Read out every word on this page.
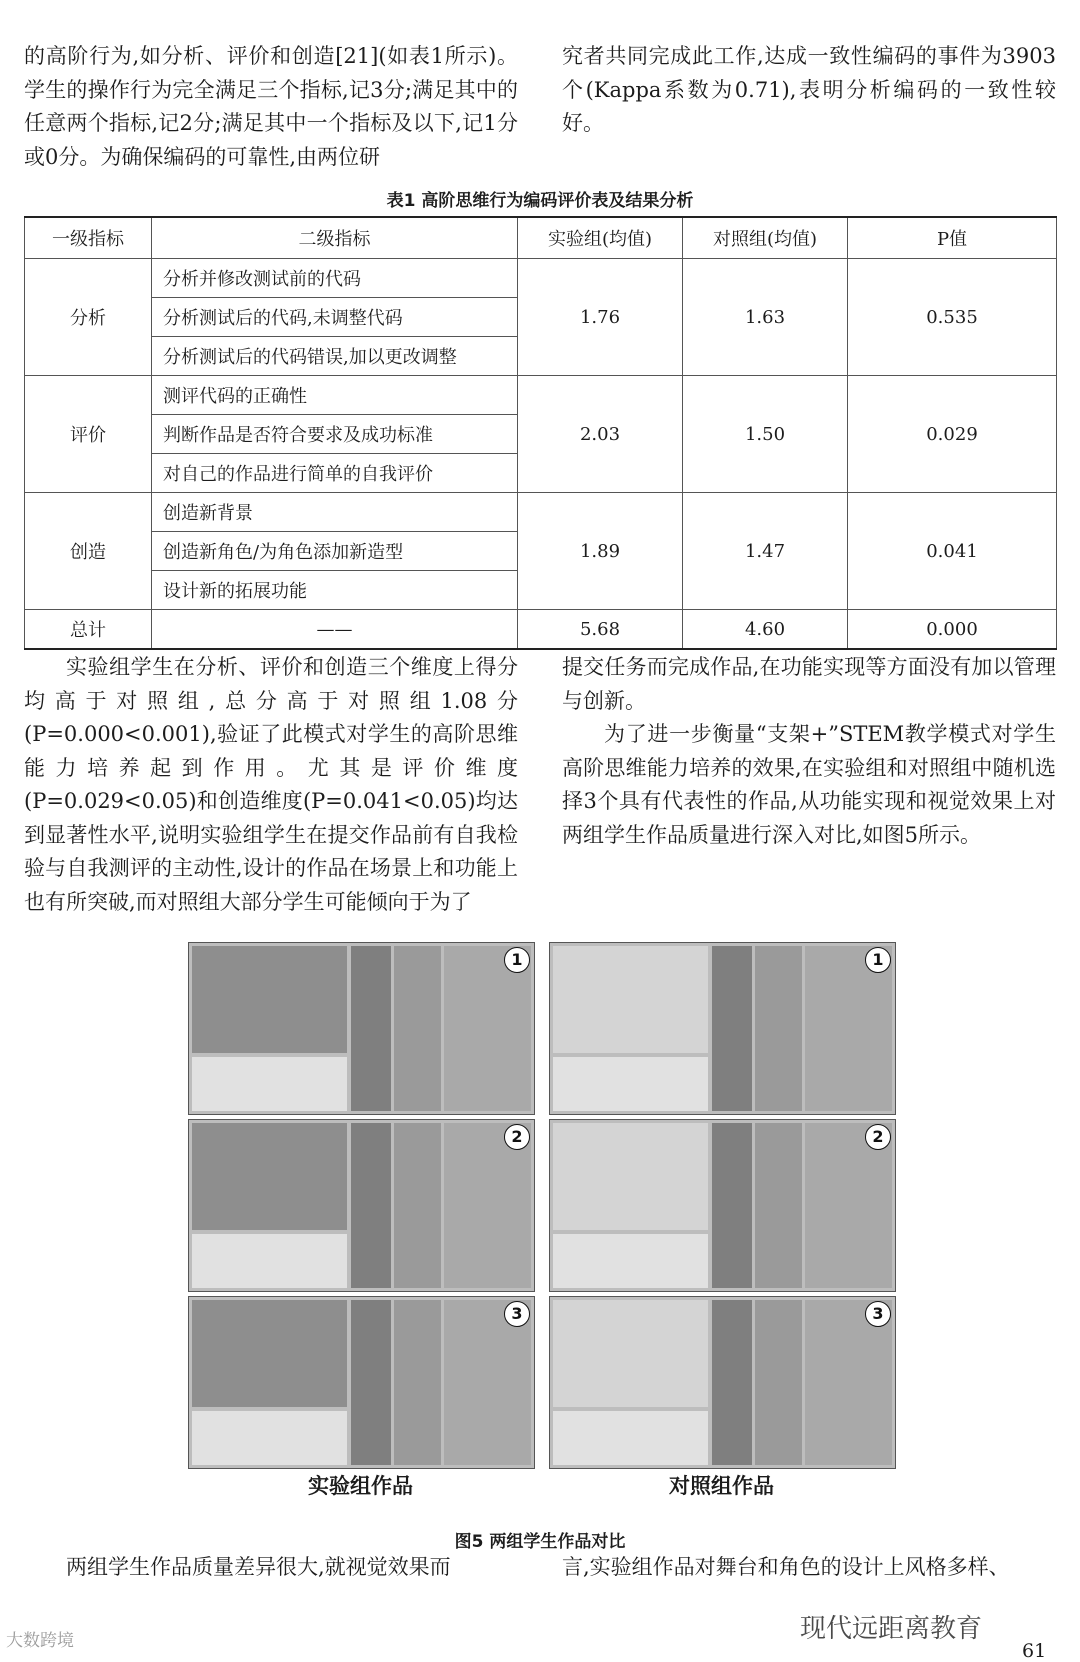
的高阶行为,如分析、评价和创造[21](如表1所示)。学生的操作行为完全满足三个指标,记3分;满足其中的任意两个指标,记2分;满足其中一个指标及以下,记1分或0分。为确保编码的可靠性,由两位研

究者共同完成此工作,达成一致性编码的事件为3903个(Kappa系数为0.71),表明分析编码的一致性较好。

表1 高阶思维行为编码评价表及结果分析
一级指标	二级指标	实验组(均值)	对照组(均值)	P值
分析	分析并修改测试前的代码	1.76	1.63	0.535
	分析测试后的代码,未调整代码			
	分析测试后的代码错误,加以更改调整			
评价	测评代码的正确性	2.03	1.50	0.029
	判断作品是否符合要求及成功标准			
	对自己的作品进行简单的自我评价			
创造	创造新背景	1.89	1.47	0.041
	创造新角色/为角色添加新造型			
	设计新的拓展功能			
总计	——	5.68	4.60	0.000

实验组学生在分析、评价和创造三个维度上得分均高于对照组,总分高于对照组1.08分(P=0.000<0.001),验证了此模式对学生的高阶思维能力培养起到作用。尤其是评价维度(P=0.029<0.05)和创造维度(P=0.041<0.05)均达到显著性水平,说明实验组学生在提交作品前有自我检验与自我测评的主动性,设计的作品在场景上和功能上也有所突破,而对照组大部分学生可能倾向于为了

提交任务而完成作品,在功能实现等方面没有加以管理与创新。

为了进一步衡量“支架+”STEM教学模式对学生高阶思维能力培养的效果,在实验组和对照组中随机选择3个具有代表性的作品,从功能实现和视觉效果上对两组学生作品质量进行深入对比,如图5所示。

1
2
3
1
2
3
实验组作品	对照组作品
图5 两组学生作品对比

两组学生作品质量差异很大,就视觉效果而	言,实验组作品对舞台和角色的设计上风格多样、

大数跨境	现代远距离教育
61
